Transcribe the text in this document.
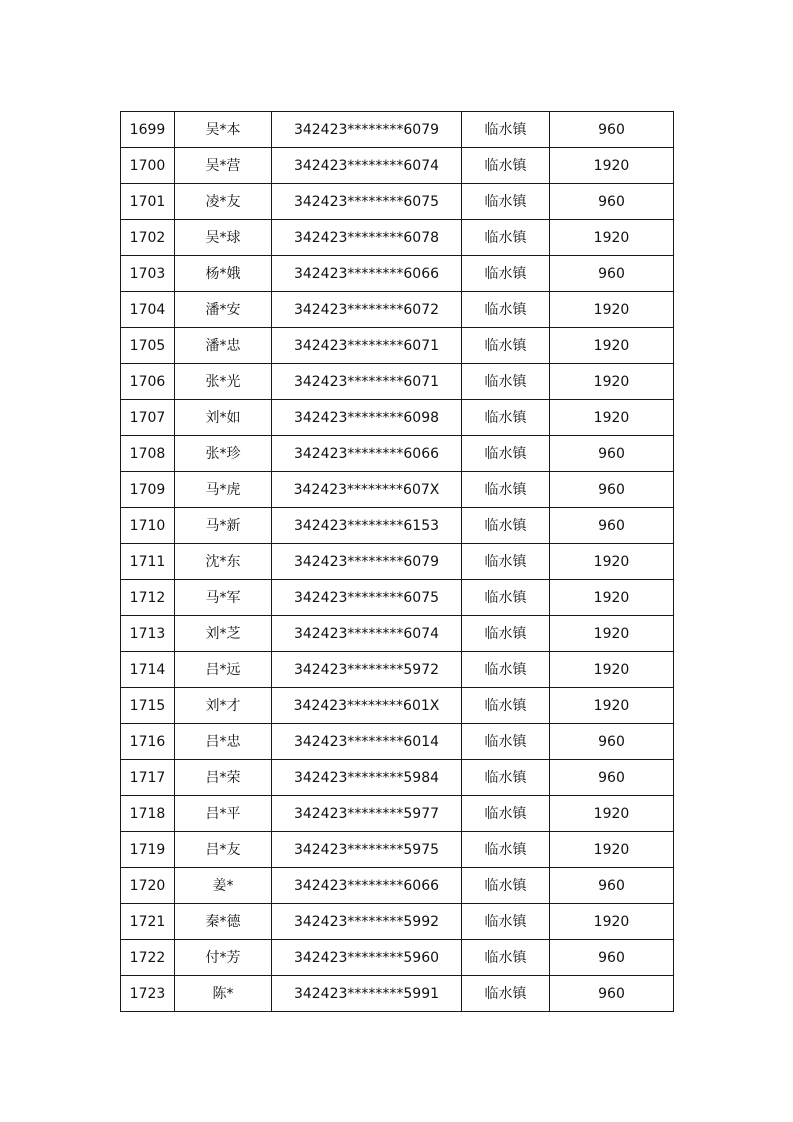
1699	吴*本	342423********6079	临水镇	960
1700	吴*营	342423********6074	临水镇	1920
1701	凌*友	342423********6075	临水镇	960
1702	吴*球	342423********6078	临水镇	1920
1703	杨*娥	342423********6066	临水镇	960
1704	潘*安	342423********6072	临水镇	1920
1705	潘*忠	342423********6071	临水镇	1920
1706	张*光	342423********6071	临水镇	1920
1707	刘*如	342423********6098	临水镇	1920
1708	张*珍	342423********6066	临水镇	960
1709	马*虎	342423********607X	临水镇	960
1710	马*新	342423********6153	临水镇	960
1711	沈*东	342423********6079	临水镇	1920
1712	马*军	342423********6075	临水镇	1920
1713	刘*芝	342423********6074	临水镇	1920
1714	吕*远	342423********5972	临水镇	1920
1715	刘*才	342423********601X	临水镇	1920
1716	吕*忠	342423********6014	临水镇	960
1717	吕*荣	342423********5984	临水镇	960
1718	吕*平	342423********5977	临水镇	1920
1719	吕*友	342423********5975	临水镇	1920
1720	姜*	342423********6066	临水镇	960
1721	秦*德	342423********5992	临水镇	1920
1722	付*芳	342423********5960	临水镇	960
1723	陈*	342423********5991	临水镇	960
